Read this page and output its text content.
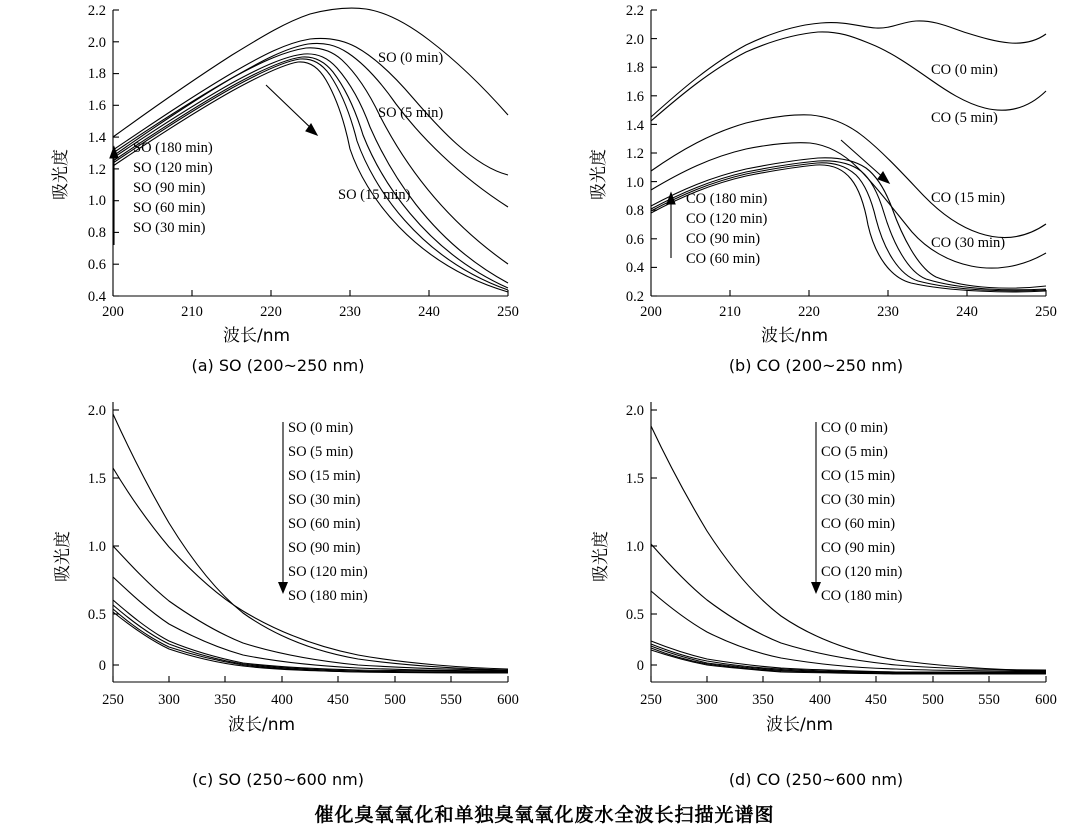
0.4
0.6
0.8
1.0
1.2
1.4
1.6
1.8
2.0
2.2
200	210	220	230	240	250
波长/nm
吸光度
SO (0 min)
SO (5 min)
SO (15 min)
SO (180 min)
SO (120 min)
SO (90 min)
SO (60 min)
SO (30 min)
(a) SO (200~250 nm)
0.2
0.4
0.6
0.8
1.0
1.2
1.4
1.6
1.8
2.0
2.2
200	210	220	230	240	250
波长/nm
吸光度
CO (0 min)
CO (5 min)
CO (15 min)
CO (30 min)
CO (180 min)
CO (120 min)
CO (90 min)
CO (60 min)
(b) CO (200~250 nm)
2.0
1.5
1.0
0.5
0
250 300 350 400 450 500 550 600
波长/nm
吸光度
SO (0 min)
SO (5 min)
SO (15 min)
SO (30 min)
SO (60 min)
SO (90 min)
SO (120 min)
SO (180 min)
(c) SO (250~600 nm)
2.0
1.5
1.0
0.5
0
250 300 350 400 450 500 550 600
波长/nm
吸光度
CO (0 min)
CO (5 min)
CO (15 min)
CO (30 min)
CO (60 min)
CO (90 min)
CO (120 min)
CO (180 min)
(d) CO (250~600 nm)
催化臭氧氧化和单独臭氧氧化废水全波长扫描光谱图
